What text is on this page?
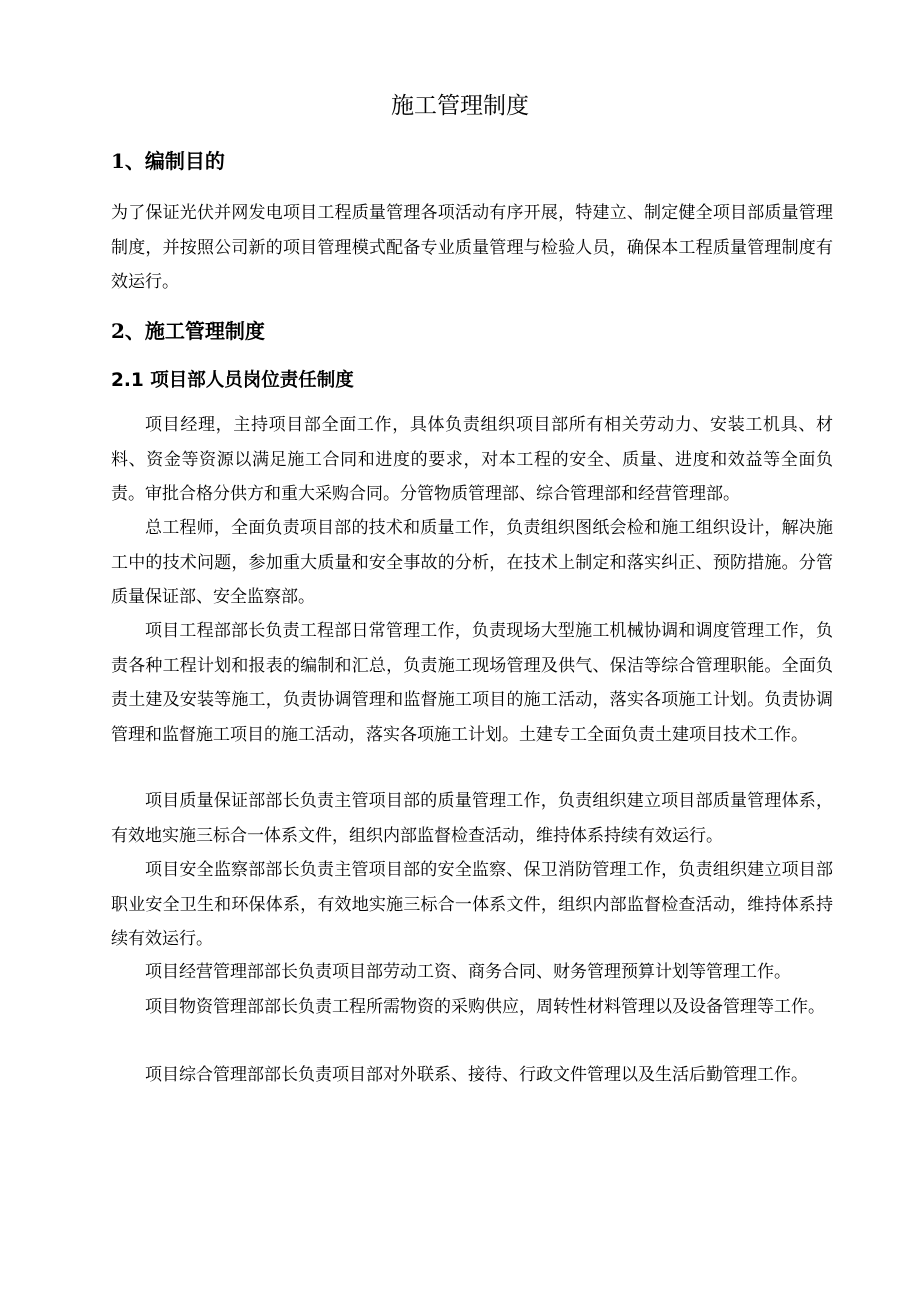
施工管理制度
1、编制目的

为了保证光伏并网发电项目工程质量管理各项活动有序开展，特建立、制定健全项目部质量管理制度，并按照公司新的项目管理模式配备专业质量管理与检验人员，确保本工程质量管理制度有效运行。

2、施工管理制度
2.1 项目部人员岗位责任制度

项目经理，主持项目部全面工作，具体负责组织项目部所有相关劳动力、安装工机具、材料、资金等资源以满足施工合同和进度的要求，对本工程的安全、质量、进度和效益等全面负责。审批合格分供方和重大采购合同。分管物质管理部、综合管理部和经营管理部。

总工程师，全面负责项目部的技术和质量工作，负责组织图纸会检和施工组织设计，解决施工中的技术问题，参加重大质量和安全事故的分析，在技术上制定和落实纠正、预防措施。分管质量保证部、安全监察部。

项目工程部部长负责工程部日常管理工作，负责现场大型施工机械协调和调度管理工作，负责各种工程计划和报表的编制和汇总，负责施工现场管理及供气、保洁等综合管理职能。全面负责土建及安装等施工，负责协调管理和监督施工项目的施工活动，落实各项施工计划。负责协调管理和监督施工项目的施工活动，落实各项施工计划。土建专工全面负责土建项目技术工作。

项目质量保证部部长负责主管项目部的质量管理工作，负责组织建立项目部质量管理体系，有效地实施三标合一体系文件，组织内部监督检查活动，维持体系持续有效运行。

项目安全监察部部长负责主管项目部的安全监察、保卫消防管理工作，负责组织建立项目部职业安全卫生和环保体系，有效地实施三标合一体系文件，组织内部监督检查活动，维持体系持续有效运行。

项目经营管理部部长负责项目部劳动工资、商务合同、财务管理预算计划等管理工作。

项目物资管理部部长负责工程所需物资的采购供应，周转性材料管理以及设备管理等工作。

项目综合管理部部长负责项目部对外联系、接待、行政文件管理以及生活后勤管理工作。
